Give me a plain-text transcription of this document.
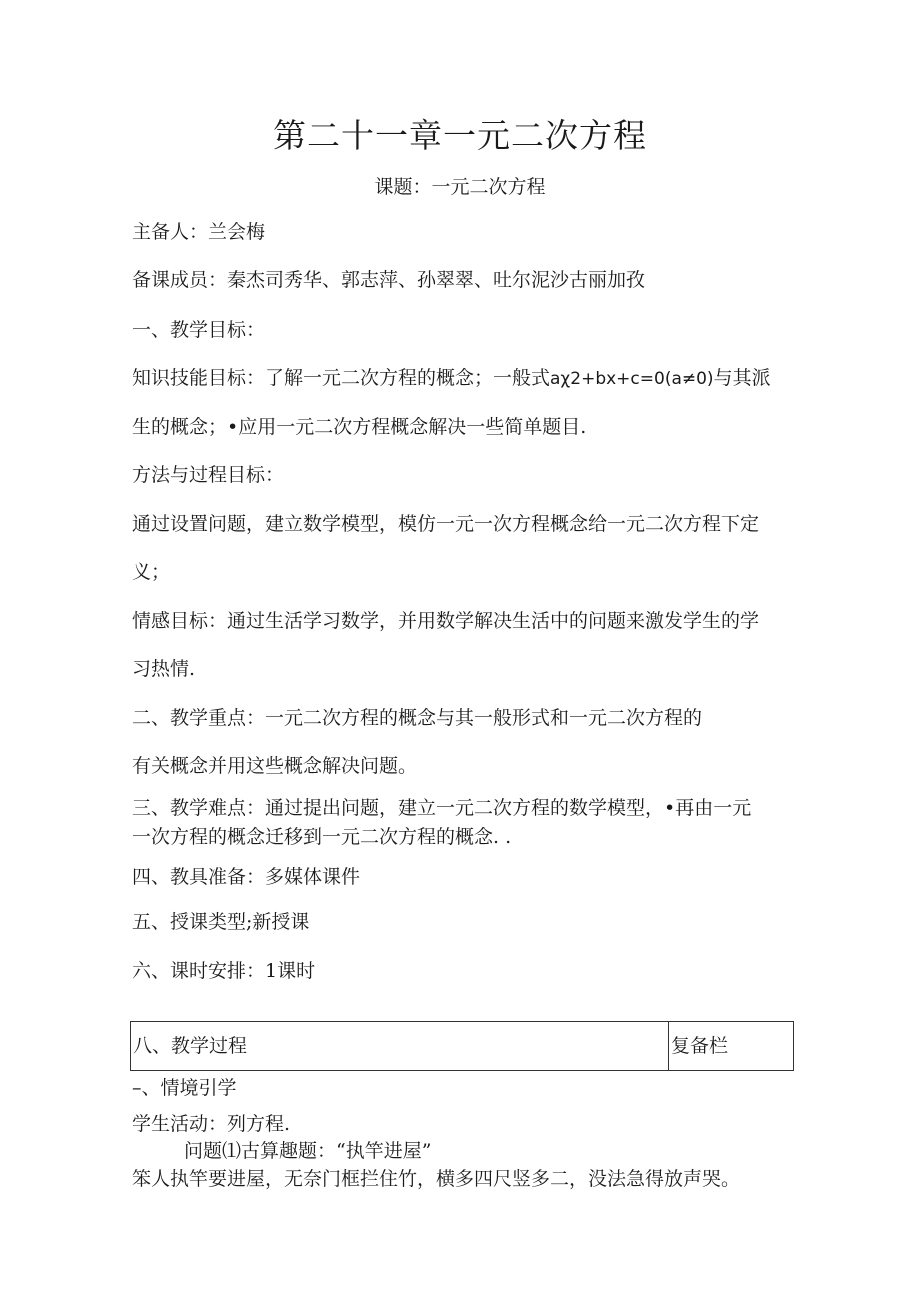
第二十一章一元二次方程
课题：一元二次方程
主备人：兰会梅
备课成员：秦杰司秀华、郭志萍、孙翠翠、吐尔泥沙古丽加孜
一、教学目标：
知识技能目标：了解一元二次方程的概念；一般式aχ2+bx+c=0(a≠0)与其派
生的概念；•应用一元二次方程概念解决一些简单题目.
方法与过程目标：
通过设置问题，建立数学模型，模仿一元一次方程概念给一元二次方程下定
义；
情感目标：通过生活学习数学，并用数学解决生活中的问题来激发学生的学
习热情.
二、教学重点：一元二次方程的概念与其一般形式和一元二次方程的
有关概念并用这些概念解决问题。
三、教学难点：通过提出问题，建立一元二次方程的数学模型，•再由一元
一次方程的概念迁移到一元二次方程的概念. .
四、教具准备：多媒体课件
五、授课类型;新授课
六、课时安排：1课时
八、教学过程	复备栏
–、情境引学
学生活动：列方程.
问题⑴古算趣题：“执竿进屋”
笨人执竿要进屋，无奈门框拦住竹，横多四尺竖多二，没法急得放声哭。
